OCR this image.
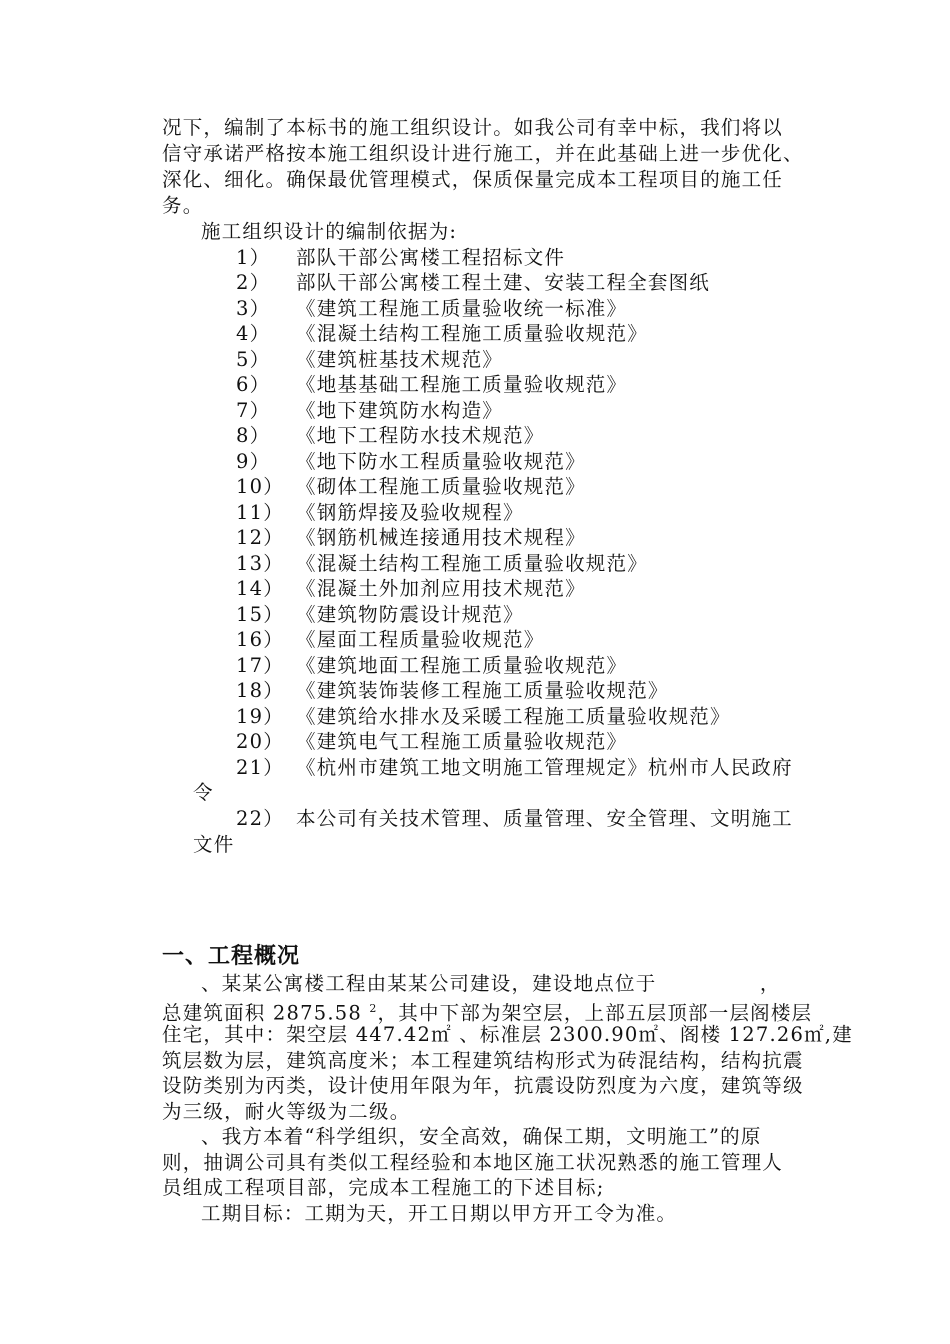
况下，编制了本标书的施工组织设计。如我公司有幸中标，我们将以
信守承诺严格按本施工组织设计进行施工，并在此基础上进一步优化、
深化、细化。确保最优管理模式，保质保量完成本工程项目的施工任
务。
施工组织设计的编制依据为:
1） 部队干部公寓楼工程招标文件
2） 部队干部公寓楼工程土建、安装工程全套图纸
3） 《建筑工程施工质量验收统一标准》
4） 《混凝土结构工程施工质量验收规范》
5） 《建筑桩基技术规范》
6） 《地基基础工程施工质量验收规范》
7） 《地下建筑防水构造》
8） 《地下工程防水技术规范》
9） 《地下防水工程质量验收规范》
10） 《砌体工程施工质量验收规范》
11） 《钢筋焊接及验收规程》
12） 《钢筋机械连接通用技术规程》
13） 《混凝土结构工程施工质量验收规范》
14） 《混凝土外加剂应用技术规范》
15） 《建筑物防震设计规范》
16） 《屋面工程质量验收规范》
17） 《建筑地面工程施工质量验收规范》
18） 《建筑装饰装修工程施工质量验收规范》
19） 《建筑给水排水及采暖工程施工质量验收规范》
20） 《建筑电气工程施工质量验收规范》
21） 《杭州市建筑工地文明施工管理规定》杭州市人民政府
令
22） 本公司有关技术管理、质量管理、安全管理、文明施工
文件
一、工程概况
、某某公寓楼工程由某某公司建设，建设地点位于　　　　　，
总建筑面积 2875.58 $^2$，其中下部为架空层，上部五层顶部一层阁楼层
住宅，其中：架空层 447.42㎡ 、标准层 2300.90㎡、阁楼 127.26㎡,建
筑层数为层，建筑高度米；本工程建筑结构形式为砖混结构，结构抗震
设防类别为丙类，设计使用年限为年，抗震设防烈度为六度，建筑等级
为三级，耐火等级为二级。
、我方本着“科学组织，安全高效，确保工期，文明施工”的原
则，抽调公司具有类似工程经验和本地区施工状况熟悉的施工管理人
员组成工程项目部，完成本工程施工的下述目标;
工期目标：工期为天，开工日期以甲方开工令为准。
